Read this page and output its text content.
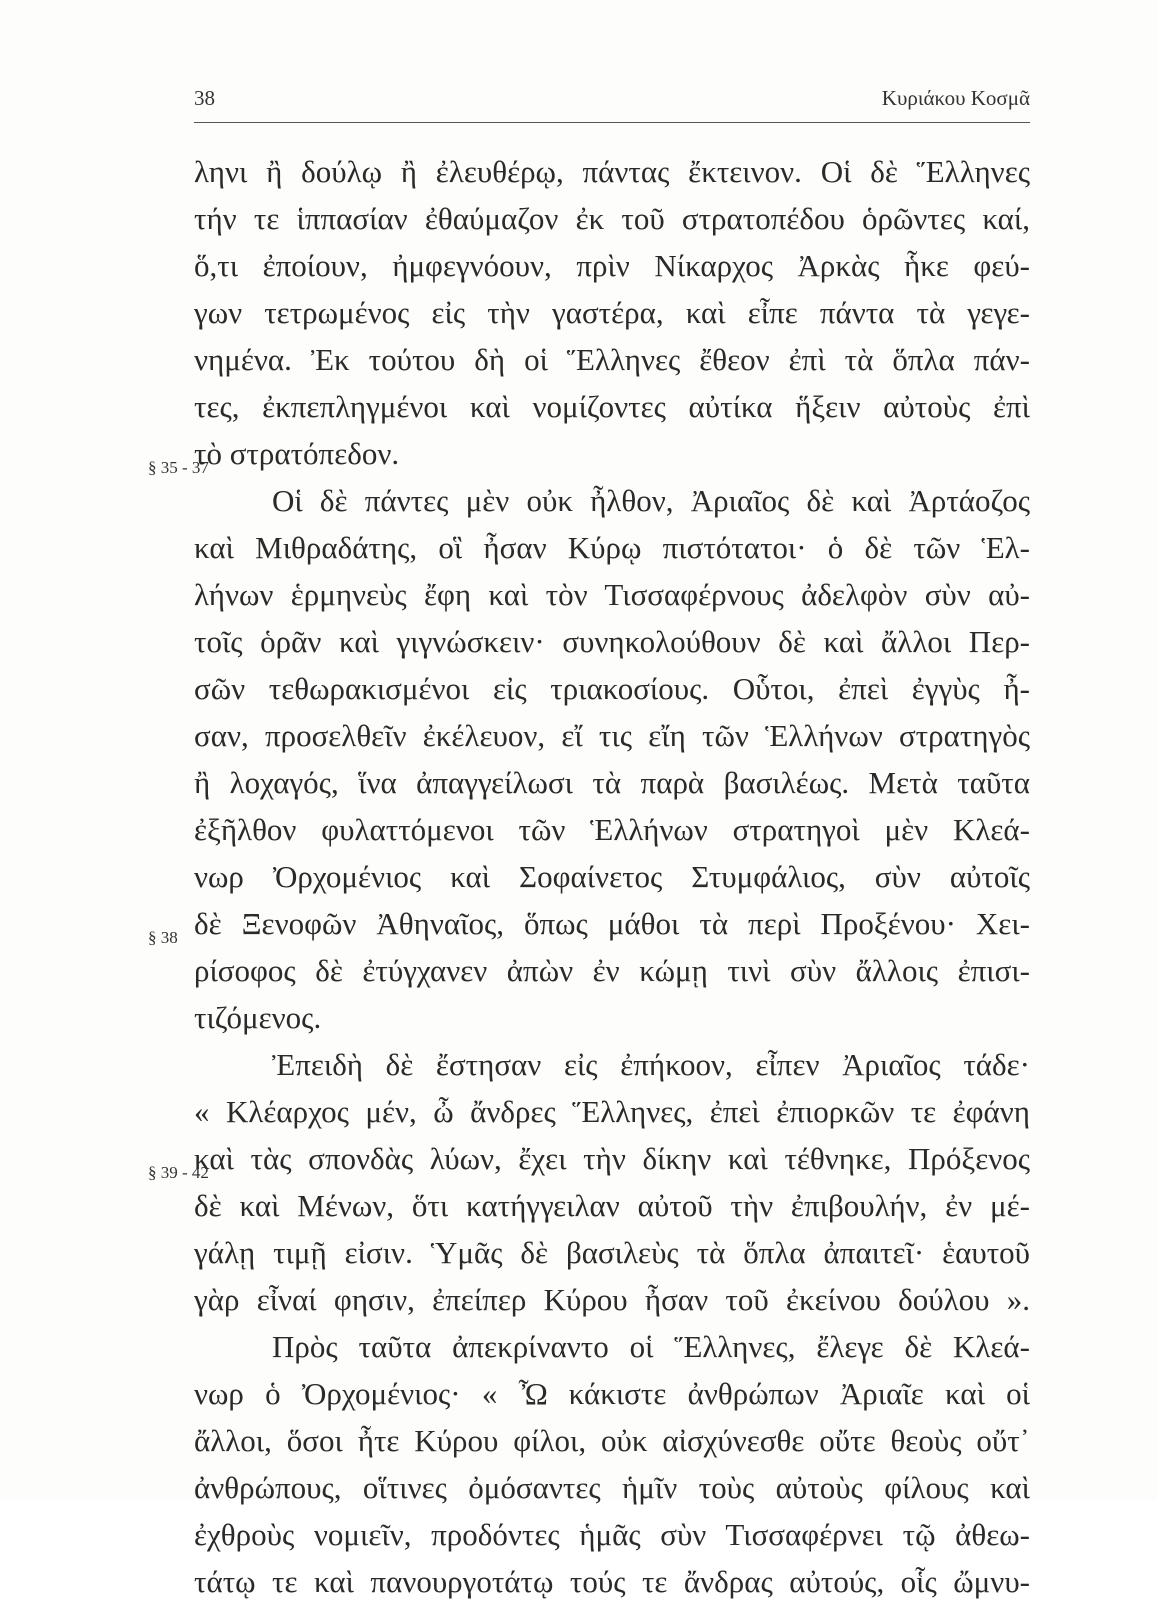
38	Κυριάκου Κοσμᾶ
§ 35 - 37
§ 38
§ 39 - 42
ληνι ἢ δούλῳ ἢ ἐλευθέρῳ, πάντας ἔκτεινον. Οἱ δὲ Ἕλληνες
τήν τε ἱππασίαν ἐθαύμαζον ἐκ τοῦ στρατοπέδου ὁρῶντες καί,
ὅ,τι ἐποίουν, ἠμφεγνόουν, πρὶν Νίκαρχος Ἀρκὰς ἧκε φεύ-
γων τετρωμένος εἰς τὴν γαστέρα, καὶ εἶπε πάντα τὰ γεγε-
νημένα. Ἐκ τούτου δὴ οἱ Ἕλληνες ἔθεον ἐπὶ τὰ ὅπλα πάν-
τες, ἐκπεπληγμένοι καὶ νομίζοντες αὐτίκα ἥξειν αὐτοὺς ἐπὶ
τὸ στρατόπεδον.
Οἱ δὲ πάντες μὲν οὐκ ἦλθον, Ἀριαῖος δὲ καὶ Ἀρτάοζος
καὶ Μιθραδάτης, οἳ ἦσαν Κύρῳ πιστότατοι· ὁ δὲ τῶν Ἑλ-
λήνων ἑρμηνεὺς ἔφη καὶ τὸν Τισσαφέρνους ἀδελφὸν σὺν αὐ-
τοῖς ὁρᾶν καὶ γιγνώσκειν· συνηκολούθουν δὲ καὶ ἄλλοι Περ-
σῶν τεθωρακισμένοι εἰς τριακοσίους. Οὗτοι, ἐπεὶ ἐγγὺς ἦ-
σαν, προσελθεῖν ἐκέλευον, εἴ τις εἴη τῶν Ἑλλήνων στρατηγὸς
ἢ λοχαγός, ἵνα ἀπαγγείλωσι τὰ παρὰ βασιλέως. Μετὰ ταῦτα
ἐξῆλθον φυλαττόμενοι τῶν Ἑλλήνων στρατηγοὶ μὲν Κλεά-
νωρ Ὀρχομένιος καὶ Σοφαίνετος Στυμφάλιος, σὺν αὐτοῖς
δὲ Ξενοφῶν Ἀθηναῖος, ὅπως μάθοι τὰ περὶ Προξένου· Χει-
ρίσοφος δὲ ἐτύγχανεν ἀπὼν ἐν κώμῃ τινὶ σὺν ἄλλοις ἐπισι-
τιζόμενος.
Ἐπειδὴ δὲ ἔστησαν εἰς ἐπήκοον, εἶπεν Ἀριαῖος τάδε·
« Κλέαρχος μέν, ὦ ἄνδρες Ἕλληνες, ἐπεὶ ἐπιορκῶν τε ἐφάνη
καὶ τὰς σπονδὰς λύων, ἔχει τὴν δίκην καὶ τέθνηκε, Πρόξενος
δὲ καὶ Μένων, ὅτι κατήγγειλαν αὐτοῦ τὴν ἐπιβουλήν, ἐν μέ-
γάλῃ τιμῇ εἰσιν. Ὑμᾶς δὲ βασιλεὺς τὰ ὅπλα ἀπαιτεῖ· ἑαυτοῦ
γὰρ εἶναί φησιν, ἐπείπερ Κύρου ἦσαν τοῦ ἐκείνου δούλου ».
Πρὸς ταῦτα ἀπεκρίναντο οἱ Ἕλληνες, ἔλεγε δὲ Κλεά-
νωρ ὁ Ὀρχομένιος· « Ὦ κάκιστε ἀνθρώπων Ἀριαῖε καὶ οἱ
ἄλλοι, ὅσοι ἦτε Κύρου φίλοι, οὐκ αἰσχύνεσθε οὔτε θεοὺς οὔτ᾽
ἀνθρώπους, οἵτινες ὀμόσαντες ἡμῖν τοὺς αὐτοὺς φίλους καὶ
ἐχθροὺς νομιεῖν, προδόντες ἡμᾶς σὺν Τισσαφέρνει τῷ ἀθεω-
τάτῳ τε καὶ πανουργοτάτῳ τούς τε ἄνδρας αὐτούς, οἷς ὤμνυ-
